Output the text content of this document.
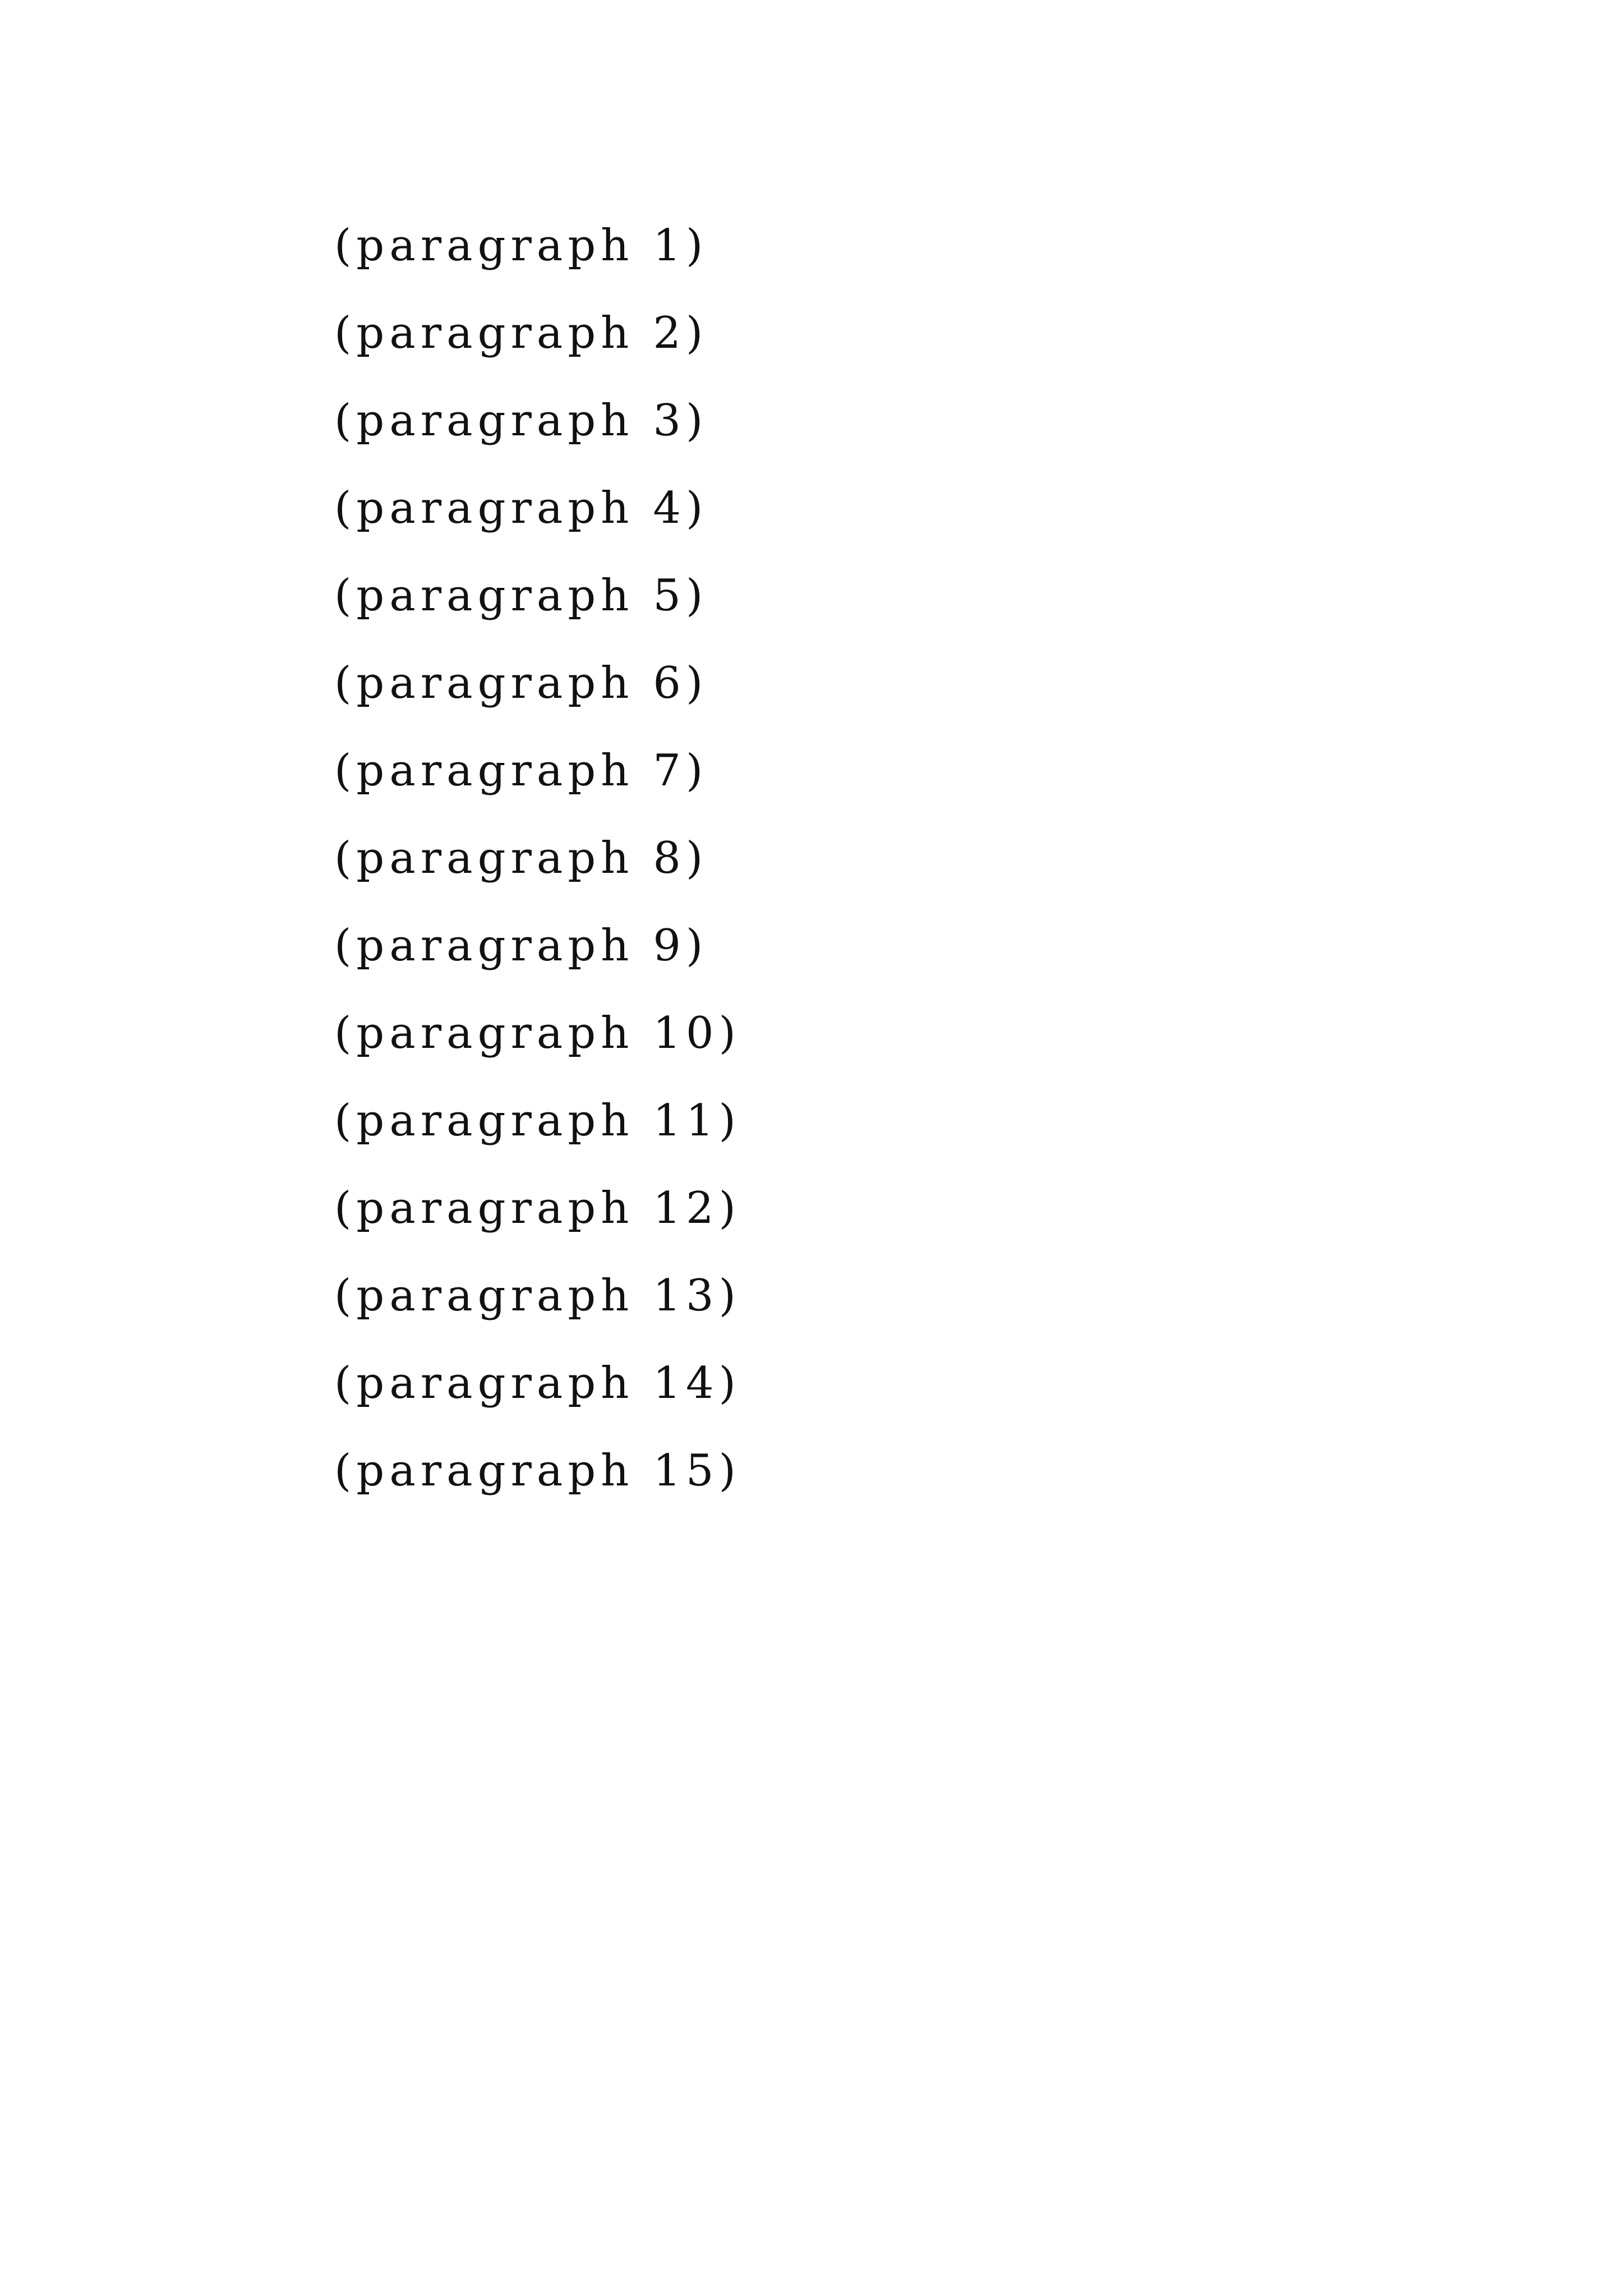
(paragraph 1)

(paragraph 2)

(paragraph 3)

(paragraph 4)

(paragraph 5)

(paragraph 6)

(paragraph 7)

(paragraph 8)

(paragraph 9)

(paragraph 10)

(paragraph 11)

(paragraph 12)

(paragraph 13)

(paragraph 14)

(paragraph 15)
